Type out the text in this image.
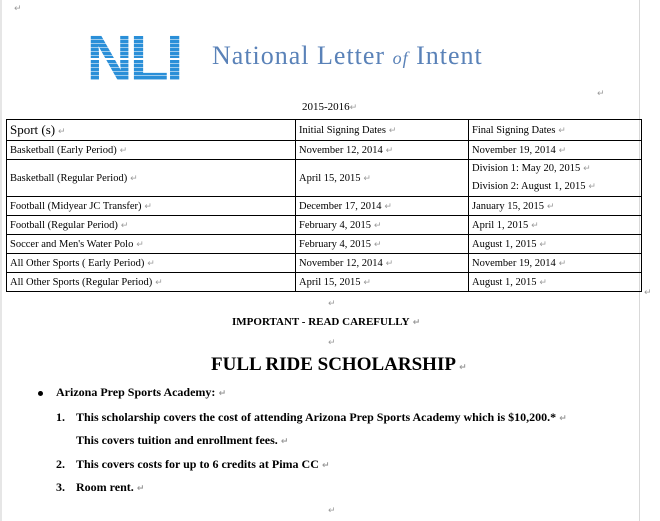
↵
National Letter of Intent
↵
2015-2016↵
Sport (s) ↵	Initial Signing Dates ↵	Final Signing Dates ↵
Basketball (Early Period) ↵	November 12, 2014 ↵	November 19, 2014 ↵
Basketball (Regular Period) ↵	April 15, 2015 ↵	Division 1: May 20, 2015 ↵
Division 2: August 1, 2015 ↵

Football (Midyear JC Transfer) ↵	December 17, 2014 ↵	January 15, 2015 ↵
Football (Regular Period) ↵	February 4, 2015 ↵	April 1, 2015 ↵
Soccer and Men's Water Polo ↵	February 4, 2015 ↵	August 1, 2015 ↵
All Other Sports ( Early Period) ↵	November 12, 2014 ↵	November 19, 2014 ↵
All Other Sports (Regular Period) ↵	April 15, 2015 ↵	August 1, 2015 ↵
↵
↵
IMPORTANT - READ CAREFULLY ↵
↵
FULL RIDE SCHOLARSHIP ↵
Arizona Prep Sports Academy: ↵
1. This scholarship covers the cost of attending Arizona Prep Sports Academy which is $10,200.* ↵
This covers tuition and enrollment fees. ↵
2. This covers costs for up to 6 credits at Pima CC ↵
3. Room rent. ↵
↵
